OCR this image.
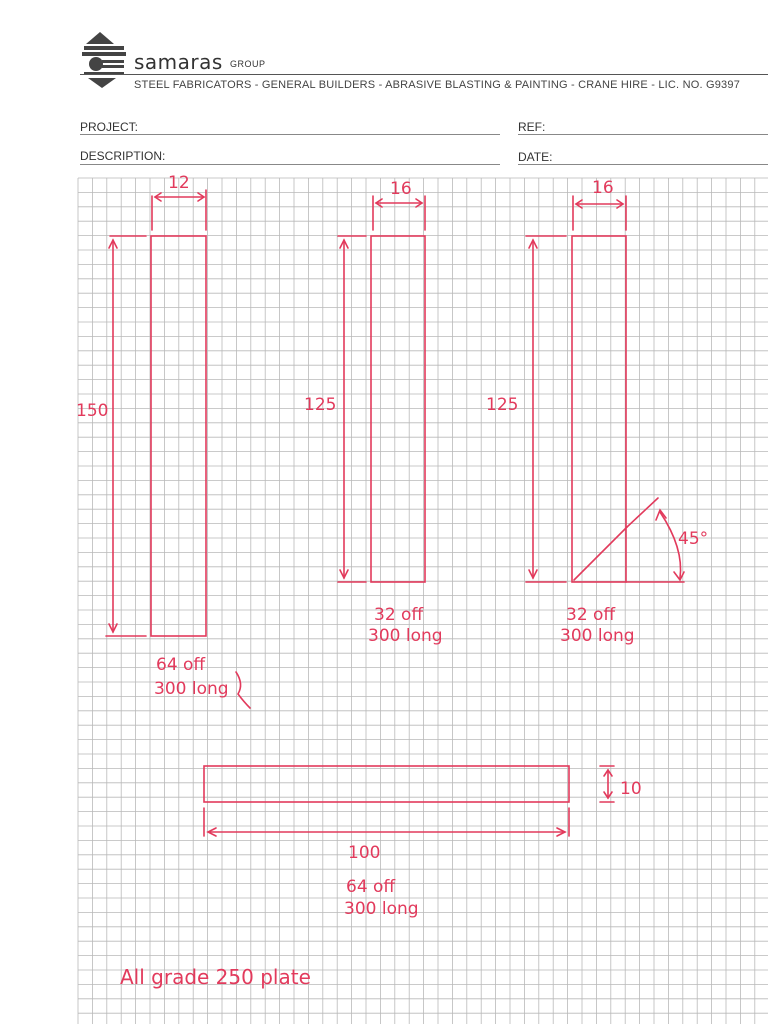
samaras GROUP
STEEL FABRICATORS - GENERAL BUILDERS - ABRASIVE BLASTING & PAINTING - CRANE HIRE - LIC. NO. G9397
PROJECT:	REF:
DESCRIPTION:	DATE:
12
150
64 off
300 long
16
125
32 off
300 long
16
125
45°
32 off
300 long
100
10
64 off
300 long
All grade 250 plate
